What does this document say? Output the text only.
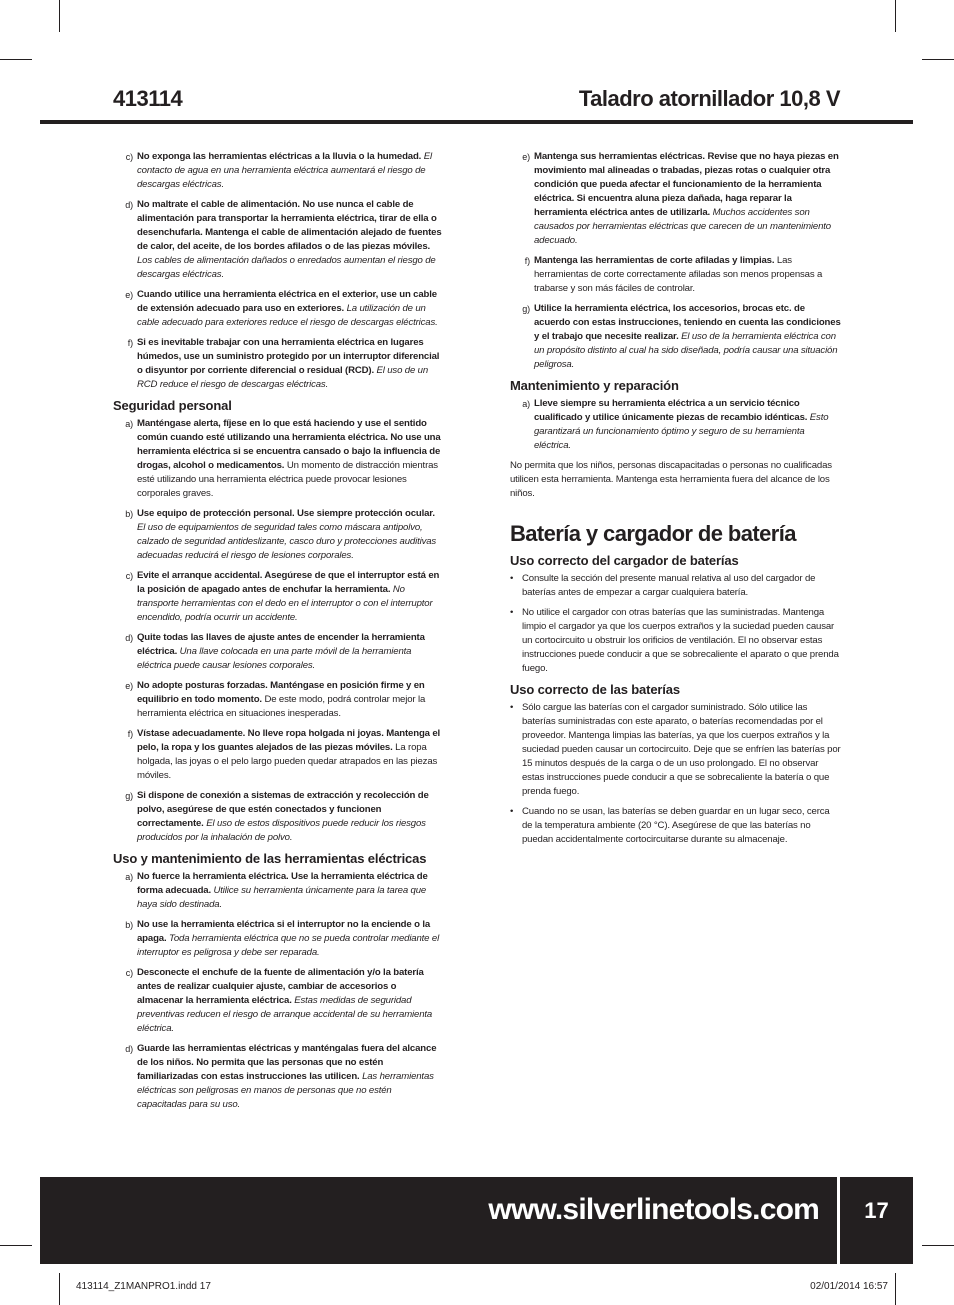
413114	Taladro atornillador 10,8 V
c) No exponga las herramientas eléctricas a la lluvia o la humedad. El contacto de agua en una herramienta eléctrica aumentará el riesgo de descargas eléctricas.
d) No maltrate el cable de alimentación. No use nunca el cable de alimentación para transportar la herramienta eléctrica, tirar de ella o desenchufarla. Mantenga el cable de alimentación alejado de fuentes de calor, del aceite, de los bordes afilados o de las piezas móviles. Los cables de alimentación dañados o enredados aumentan el riesgo de descargas eléctricas.
e) Cuando utilice una herramienta eléctrica en el exterior, use un cable de extensión adecuado para uso en exteriores. La utilización de un cable adecuado para exteriores reduce el riesgo de descargas eléctricas.
f) Si es inevitable trabajar con una herramienta eléctrica en lugares húmedos, use un suministro protegido por un interruptor diferencial o disyuntor por corriente diferencial o residual (RCD). El uso de un RCD reduce el riesgo de descargas eléctricas.
Seguridad personal
a) Manténgase alerta, fíjese en lo que está haciendo y use el sentido común cuando esté utilizando una herramienta eléctrica. No use una herramienta eléctrica si se encuentra cansado o bajo la influencia de drogas, alcohol o medicamentos. Un momento de distracción mientras esté utilizando una herramienta eléctrica puede provocar lesiones corporales graves.
b) Use equipo de protección personal. Use siempre protección ocular. El uso de equipamientos de seguridad tales como máscara antipolvo, calzado de seguridad antideslizante, casco duro y protecciones auditivas adecuadas reducirá el riesgo de lesiones corporales.
c) Evite el arranque accidental. Asegúrese de que el interruptor está en la posición de apagado antes de enchufar la herramienta. No transporte herramientas con el dedo en el interruptor o con el interruptor encendido, podría ocurrir un accidente.
d) Quite todas las llaves de ajuste antes de encender la herramienta eléctrica. Una llave colocada en una parte móvil de la herramienta eléctrica puede causar lesiones corporales.
e) No adopte posturas forzadas. Manténgase en posición firme y en equilibrio en todo momento. De este modo, podrá controlar mejor la herramienta eléctrica en situaciones inesperadas.
f) Vístase adecuadamente. No lleve ropa holgada ni joyas. Mantenga el pelo, la ropa y los guantes alejados de las piezas móviles. La ropa holgada, las joyas o el pelo largo pueden quedar atrapados en las piezas móviles.
g) Si dispone de conexión a sistemas de extracción y recolección de polvo, asegúrese de que estén conectados y funcionen correctamente. El uso de estos dispositivos puede reducir los riesgos producidos por la inhalación de polvo.
Uso y mantenimiento de las herramientas eléctricas
a) No fuerce la herramienta eléctrica. Use la herramienta eléctrica de forma adecuada. Utilice su herramienta únicamente para la tarea que haya sido destinada.
b) No use la herramienta eléctrica si el interruptor no la enciende o la apaga. Toda herramienta eléctrica que no se pueda controlar mediante el interruptor es peligrosa y debe ser reparada.
c) Desconecte el enchufe de la fuente de alimentación y/o la batería antes de realizar cualquier ajuste, cambiar de accesorios o almacenar la herramienta eléctrica. Estas medidas de seguridad preventivas reducen el riesgo de arranque accidental de su herramienta eléctrica.
d) Guarde las herramientas eléctricas y manténgalas fuera del alcance de los niños. No permita que las personas que no estén familiarizadas con estas instrucciones las utilicen. Las herramientas eléctricas son peligrosas en manos de personas que no estén capacitadas para su uso.
e) Mantenga sus herramientas eléctricas. Revise que no haya piezas en movimiento mal alineadas o trabadas, piezas rotas o cualquier otra condición que pueda afectar el funcionamiento de la herramienta eléctrica. Si encuentra aluna pieza dañada, haga reparar la herramienta eléctrica antes de utilizarla. Muchos accidentes son causados por herramientas eléctricas que carecen de un mantenimiento adecuado.
f) Mantenga las herramientas de corte afiladas y limpias. Las herramientas de corte correctamente afiladas son menos propensas a trabarse y son más fáciles de controlar.
g) Utilice la herramienta eléctrica, los accesorios, brocas etc. de acuerdo con estas instrucciones, teniendo en cuenta las condiciones y el trabajo que necesite realizar. El uso de la herramienta eléctrica con un propósito distinto al cual ha sido diseñada, podría causar una situación peligrosa.
Mantenimiento y reparación
a) Lleve siempre su herramienta eléctrica a un servicio técnico cualificado y utilice únicamente piezas de recambio idénticas. Esto garantizará un funcionamiento óptimo y seguro de su herramienta eléctrica.

No permita que los niños, personas discapacitadas o personas no cualificadas utilicen esta herramienta. Mantenga esta herramienta fuera del alcance de los niños.

Batería y cargador de batería
Uso correcto del cargador de baterías
• Consulte la sección del presente manual relativa al uso del cargador de baterías antes de empezar a cargar cualquiera batería.
• No utilice el cargador con otras baterías que las suministradas. Mantenga limpio el cargador ya que los cuerpos extraños y la suciedad pueden causar un cortocircuito u obstruir los orificios de ventilación. El no observar estas instrucciones puede conducir a que se sobrecaliente el aparato o que prenda fuego.
Uso correcto de las baterías
• Sólo cargue las baterías con el cargador suministrado. Sólo utilice las baterías suministradas con este aparato, o baterías recomendadas por el proveedor. Mantenga limpias las baterías, ya que los cuerpos extraños y la suciedad pueden causar un cortocircuito. Deje que se enfríen las baterías por 15 minutos después de la carga o de un uso prolongado. El no observar estas instrucciones puede conducir a que se sobrecaliente la batería o que prenda fuego.
• Cuando no se usan, las baterías se deben guardar en un lugar seco, cerca de la temperatura ambiente (20 °C). Asegúrese de que las baterías no puedan accidentalmente cortocircuitarse durante su almacenaje.
www.silverlinetools.com	17
413114_Z1MANPRO1.indd 17	02/01/2014 16:57
